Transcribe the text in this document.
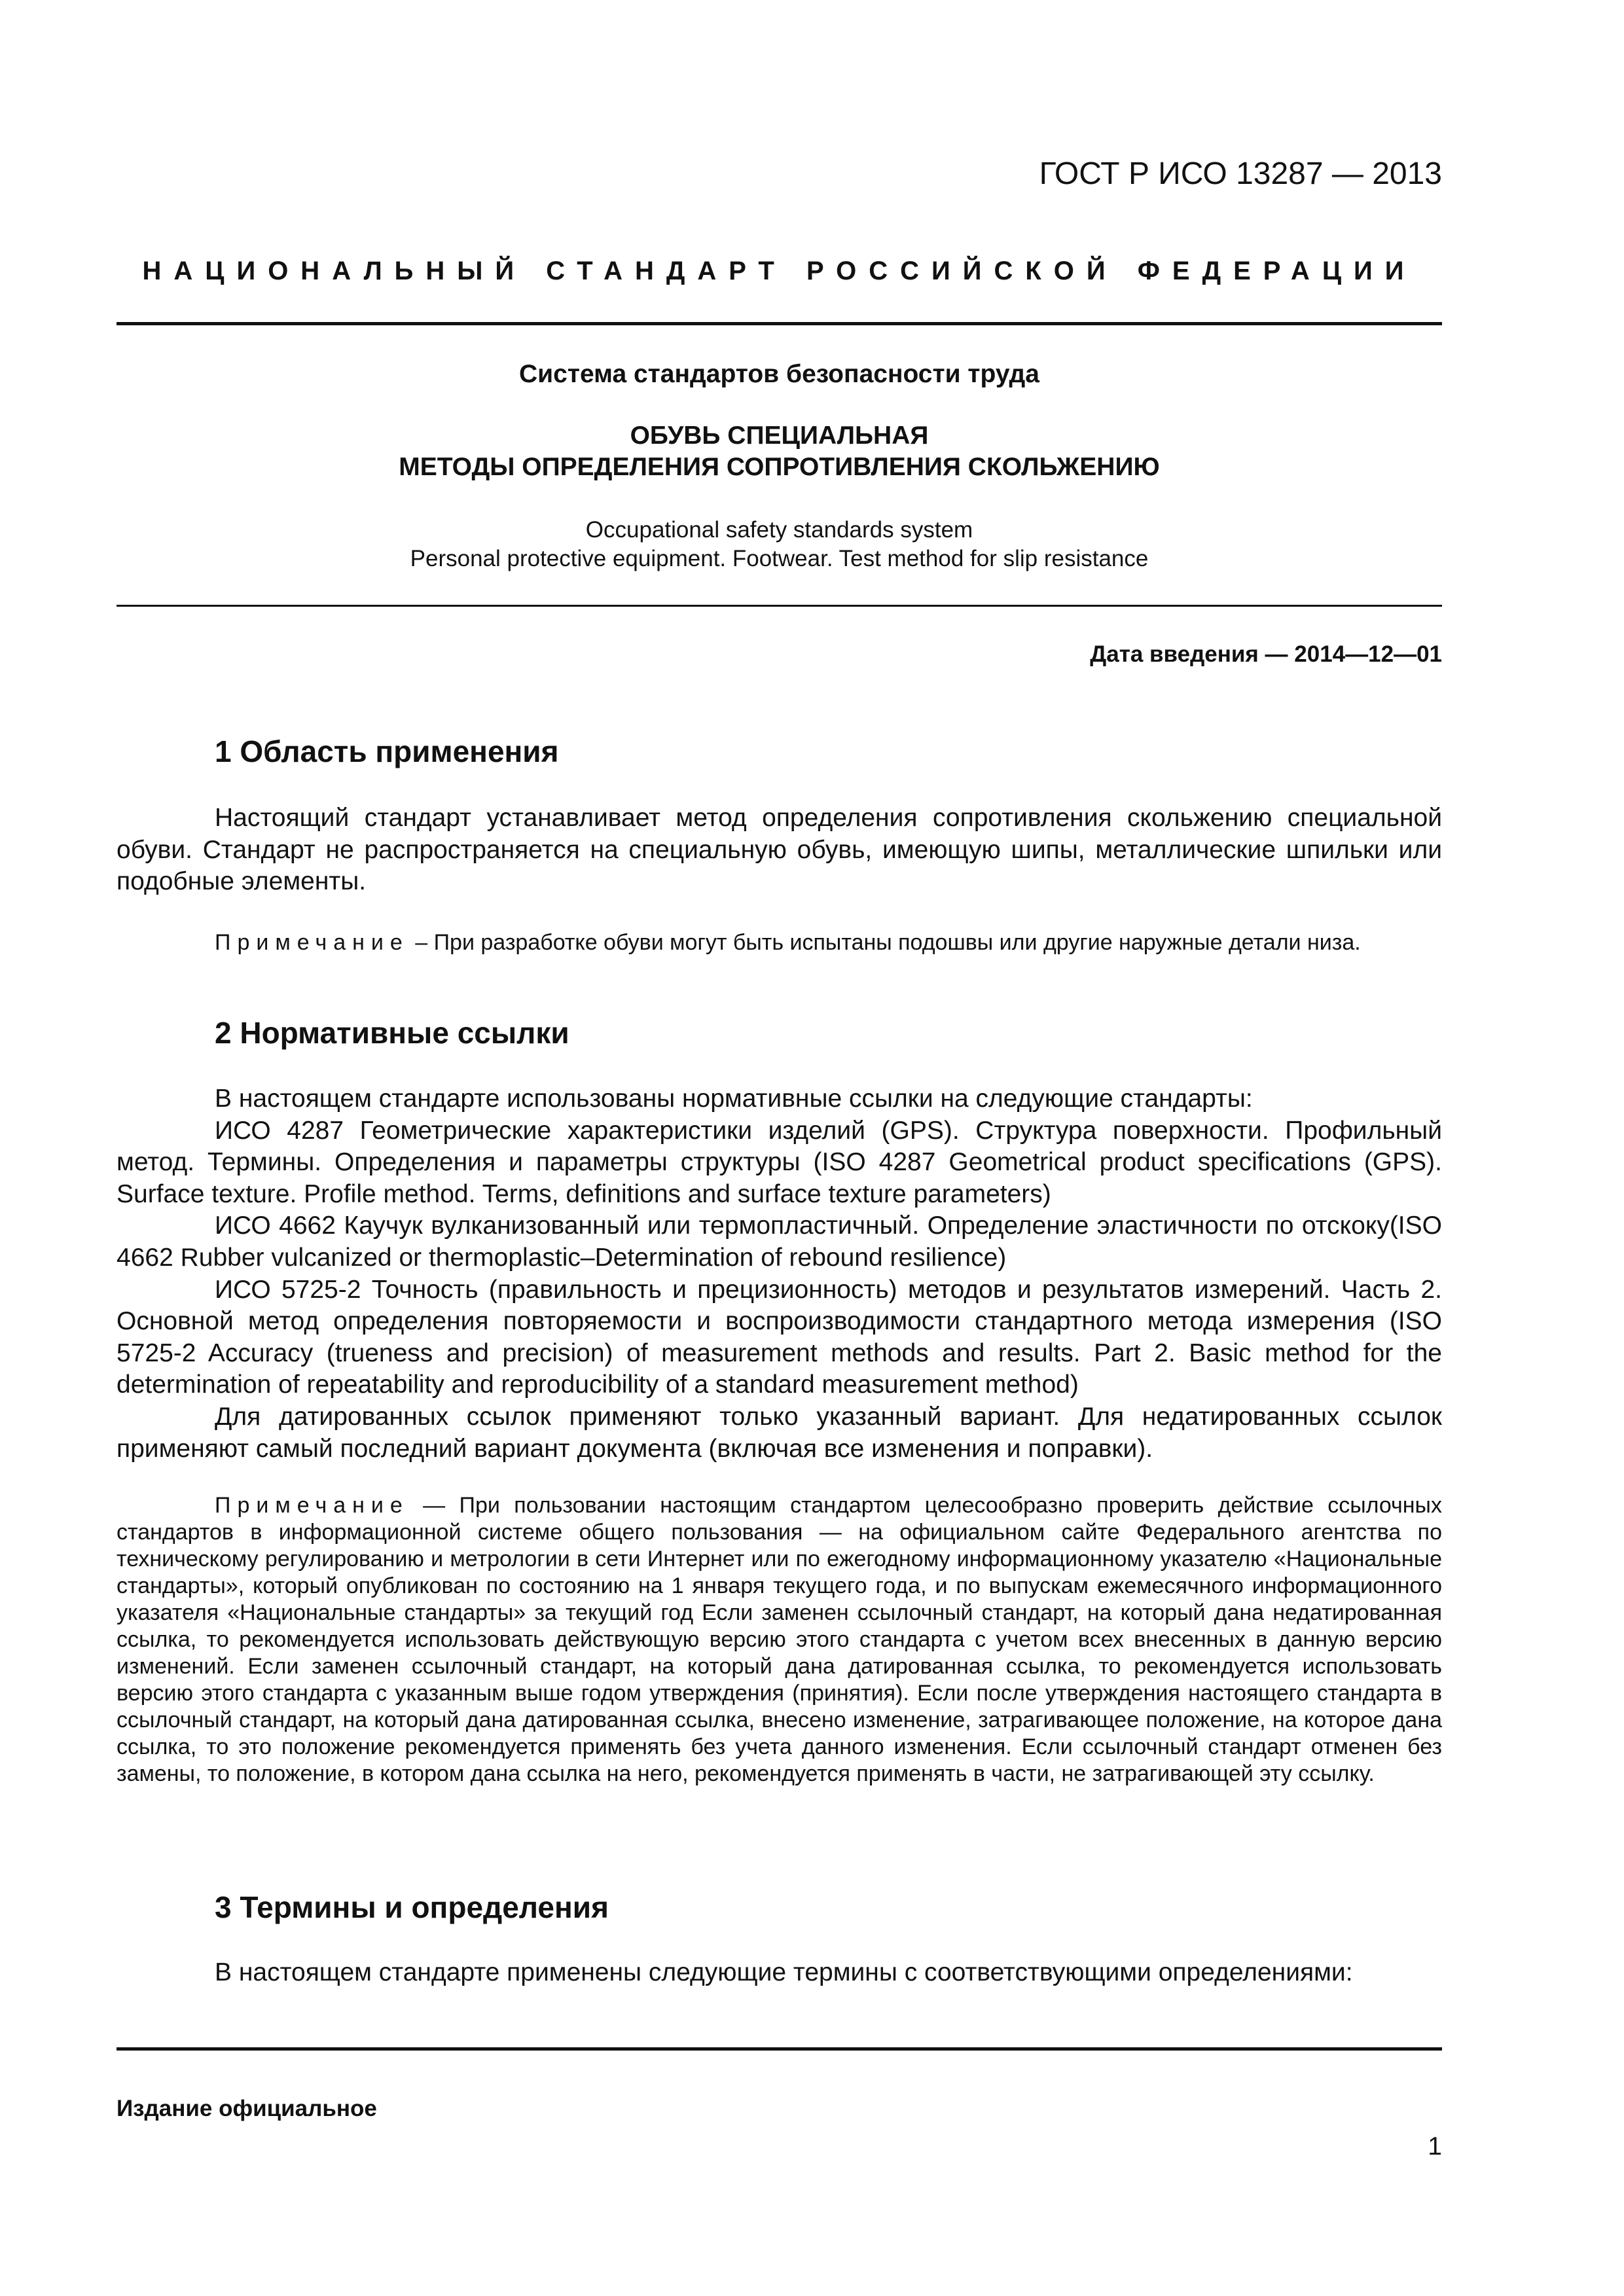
ГОСТ Р ИСО 13287 — 2013
НАЦИОНАЛЬНЫЙ СТАНДАРТ РОССИЙСКОЙ ФЕДЕРАЦИИ
Система стандартов безопасности труда
ОБУВЬ СПЕЦИАЛЬНАЯ
МЕТОДЫ ОПРЕДЕЛЕНИЯ СОПРОТИВЛЕНИЯ СКОЛЬЖЕНИЮ
Occupational safety standards system
Personal protective equipment. Footwear. Test method for slip resistance
Дата введения — 2014—12—01
1 Область применения

Настоящий стандарт устанавливает метод определения сопротивления скольжению специальной обуви. Стандарт не распространяется на специальную обувь, имеющую шипы, металлические шпильки или подобные элементы.

Примечание – При разработке обуви могут быть испытаны подошвы или другие наружные детали низа.

2 Нормативные ссылки

В настоящем стандарте использованы нормативные ссылки на следующие стандарты:

ИСО 4287 Геометрические характеристики изделий (GPS). Структура поверхности. Профильный метод. Термины. Определения и параметры структуры (ISO 4287 Geometrical product specifications (GPS). Surface texture. Profile method. Terms, definitions and surface texture parameters)

ИСО 4662 Каучук вулканизованный или термопластичный. Определение эластичности по отскоку(ISO 4662 Rubber vulcanized or thermoplastic–Determination of rebound resilience)

ИСО 5725-2 Точность (правильность и прецизионность) методов и результатов измерений. Часть 2. Основной метод определения повторяемости и воспроизводимости стандартного метода измерения (ISO 5725-2 Accuracy (trueness and precision) of measurement methods and results. Part 2. Basic method for the determination of repeatability and reproducibility of a standard measurement method)

Для датированных ссылок применяют только указанный вариант. Для недатированных ссылок применяют самый последний вариант документа (включая все изменения и поправки).

Примечание — При пользовании настоящим стандартом целесообразно проверить действие ссылочных стандартов в информационной системе общего пользования — на официальном сайте Федерального агентства по техническому регулированию и метрологии в сети Интернет или по ежегодному информационному указателю «Национальные стандарты», который опубликован по состоянию на 1 января текущего года, и по выпускам ежемесячного информационного указателя «Национальные стандарты» за текущий год Если заменен ссылочный стандарт, на который дана недатированная ссылка, то рекомендуется использовать действующую версию этого стандарта с учетом всех внесенных в данную версию изменений. Если заменен ссылочный стандарт, на который дана датированная ссылка, то рекомендуется использовать версию этого стандарта с указанным выше годом утверждения (принятия). Если после утверждения настоящего стандарта в ссылочный стандарт, на который дана датированная ссылка, внесено изменение, затрагивающее положение, на которое дана ссылка, то это положение рекомендуется применять без учета данного изменения. Если ссылочный стандарт отменен без замены, то положение, в котором дана ссылка на него, рекомендуется применять в части, не затрагивающей эту ссылку.

3 Термины и определения

В настоящем стандарте применены следующие термины с соответствующими определениями:

Издание официальное
1
